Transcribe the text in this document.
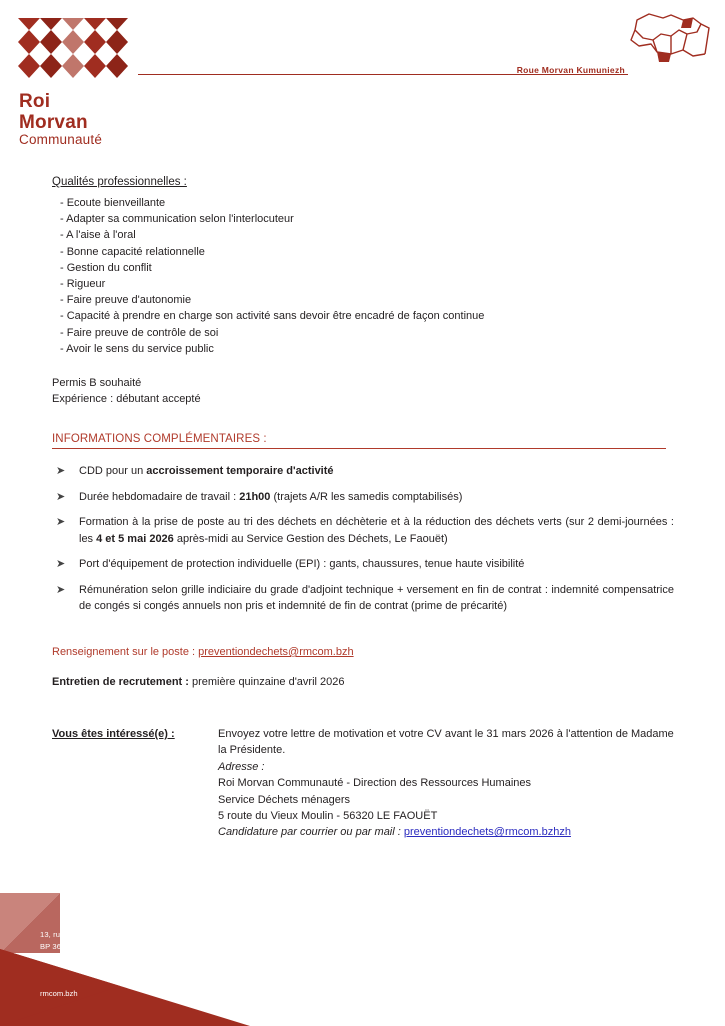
Roi
Morvan
Communauté
Roue Morvan Kumuniezh
Qualités professionnelles :
- Ecoute bienveillante
- Adapter sa communication selon l'interlocuteur
- A l'aise à l'oral
- Bonne capacité relationnelle
- Gestion du conflit
- Rigueur
- Faire preuve d'autonomie
- Capacité à prendre en charge son activité sans devoir être encadré de façon continue
- Faire preuve de contrôle de soi
- Avoir le sens du service public
Permis B souhaité
Expérience : débutant accepté
INFORMATIONS COMPLÉMENTAIRES :
➤ CDD pour un accroissement temporaire d'activité
➤ Durée hebdomadaire de travail : 21h00 (trajets A/R les samedis comptabilisés)
➤ Formation à la prise de poste au tri des déchets en déchèterie et à la réduction des déchets verts (sur 2 demi-journées : les 4 et 5 mai 2026 après-midi au Service Gestion des Déchets, Le Faouët)
➤ Port d'équipement de protection individuelle (EPI) : gants, chaussures, tenue haute visibilité
➤ Rémunération selon grille indiciaire du grade d'adjoint technique + versement en fin de contrat : indemnité compensatrice de congés si congés annuels non pris et indemnité de fin de contrat (prime de précarité)
Renseignement sur le poste : preventiondechets@rmcom.bzh
Entretien de recrutement : première quinzaine d'avril 2026
Vous êtes intéressé(e) :	Envoyez votre lettre de motivation et votre CV avant le 31 mars 2026 à l'attention de Madame la Présidente.
Adresse :
Roi Morvan Communauté - Direction des Ressources Humaines
Service Déchets ménagers
5 route du Vieux Moulin - 56320 LE FAOUËT
Candidature par courrier ou par mail : preventiondechets@rmcom.bzhzh
13, rue J. Rodallec
BP 36 - 56 110 Gourin
Tél. : 02 97 23 36 90
rmcom.bzh
